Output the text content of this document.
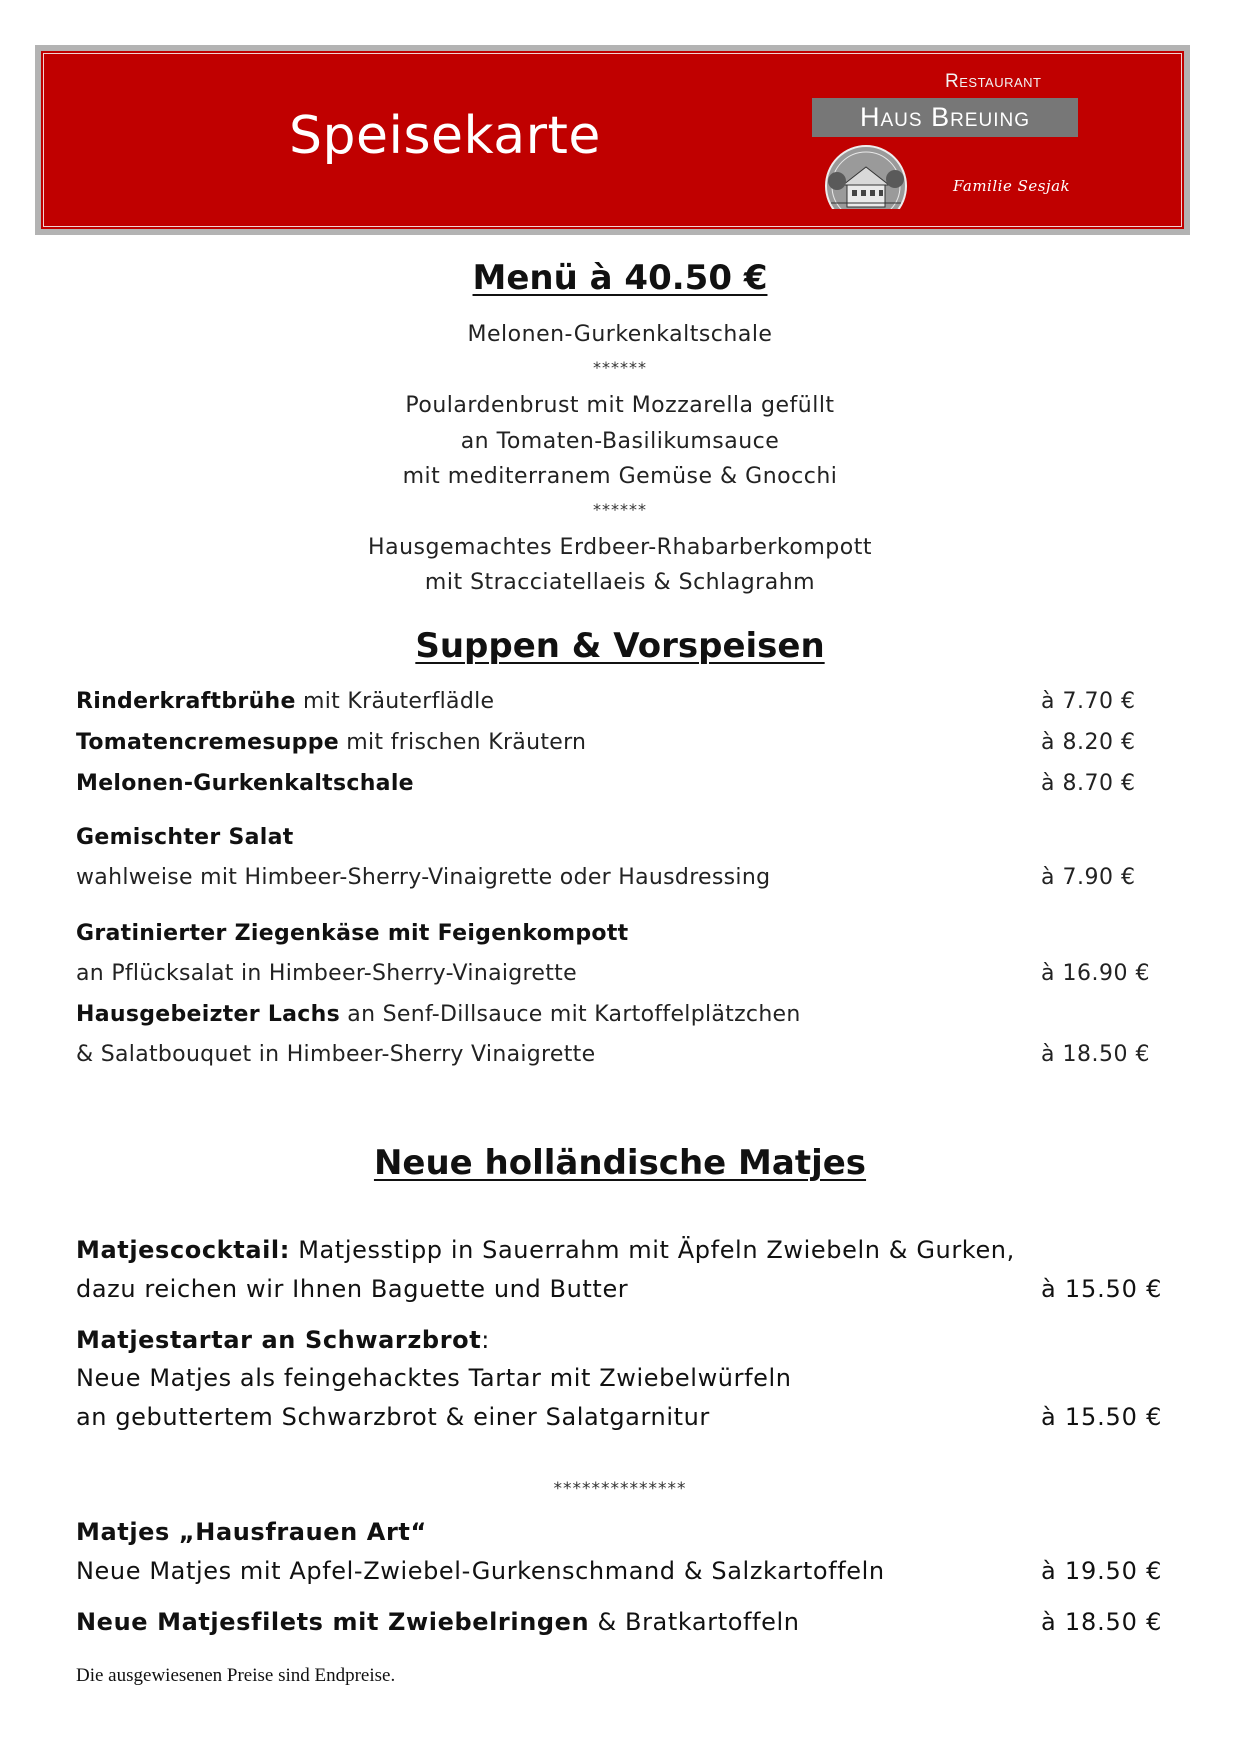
Speisekarte
Restaurant
Haus Breuing
Familie Sesjak
Menü à 40.50 €
Melonen-Gurkenkaltschale
******
Poulardenbrust mit Mozzarella gefüllt
an Tomaten-Basilikumsauce
mit mediterranem Gemüse & Gnocchi
******
Hausgemachtes Erdbeer-Rhabarberkompott
mit Stracciatellaeis & Schlagrahm
Suppen & Vorspeisen
Rinderkraftbrühe mit Kräuterflädle	à 7.70 €
Tomatencremesuppe mit frischen Kräutern	à 8.20 €
Melonen-Gurkenkaltschale	à 8.70 €
Gemischter Salat
wahlweise mit Himbeer-Sherry-Vinaigrette oder Hausdressing	à 7.90 €
Gratinierter Ziegenkäse mit Feigenkompott
an Pflücksalat in Himbeer-Sherry-Vinaigrette	à 16.90 €
Hausgebeizter Lachs an Senf-Dillsauce mit Kartoffelplätzchen
& Salatbouquet in Himbeer-Sherry Vinaigrette	à 18.50 €
Neue holländische Matjes
Matjescocktail: Matjesstipp in Sauerrahm mit Äpfeln Zwiebeln & Gurken,
dazu reichen wir Ihnen Baguette und Butter	à 15.50 €
Matjestartar an Schwarzbrot:
Neue Matjes als feingehacktes Tartar mit Zwiebelwürfeln
an gebuttertem Schwarzbrot & einer Salatgarnitur	à 15.50 €
**************
Matjes „Hausfrauen Art“
Neue Matjes mit Apfel-Zwiebel-Gurkenschmand & Salzkartoffeln	à 19.50 €
Neue Matjesfilets mit Zwiebelringen & Bratkartoffeln	à 18.50 €
Die ausgewiesenen Preise sind Endpreise.
